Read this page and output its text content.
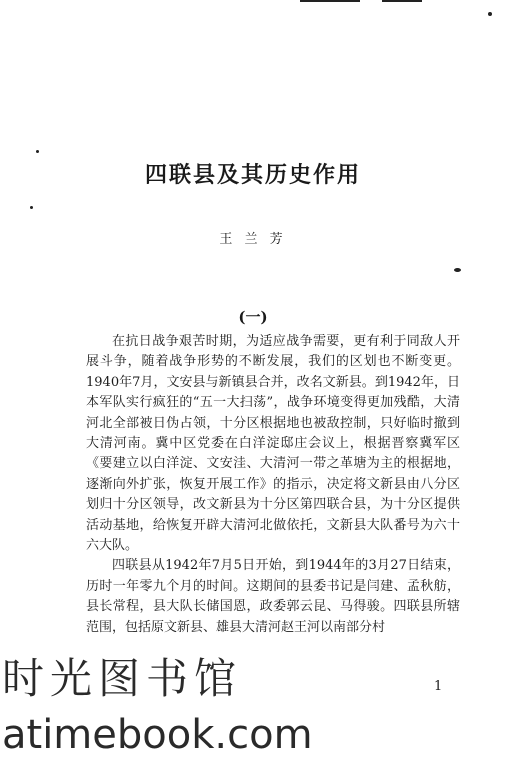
四联县及其历史作用
王 兰 芳
(一)

在抗日战争艰苦时期，为适应战争需要，更有利于同敌人开展斗争，随着战争形势的不断发展，我们的区划也不断变更。1940年7月，文安县与新镇县合并，改名文新县。到1942年，日本军队实行疯狂的“五一大扫荡”，战争环境变得更加残酷，大清河北全部被日伪占领，十分区根据地也被敌控制，只好临时撤到大清河南。冀中区党委在白洋淀邸庄会议上，根据晋察冀军区《要建立以白洋淀、文安洼、大清河一带之革塘为主的根据地，逐渐向外扩张，恢复开展工作》的指示，决定将文新县由八分区划归十分区领导，改文新县为十分区第四联合县，为十分区提供活动基地，给恢复开辟大清河北做依托，文新县大队番号为六十六大队。

四联县从1942年7月5日开始，到1944年的3月27日结束，历时一年零九个月的时间。这期间的县委书记是闫建、孟秋舫，县长常程，县大队长储国恩，政委郭云昆、马得骏。四联县所辖范围，包括原文新县、雄县大清河赵王河以南部分村

1
时光图书馆
atimebook.com
